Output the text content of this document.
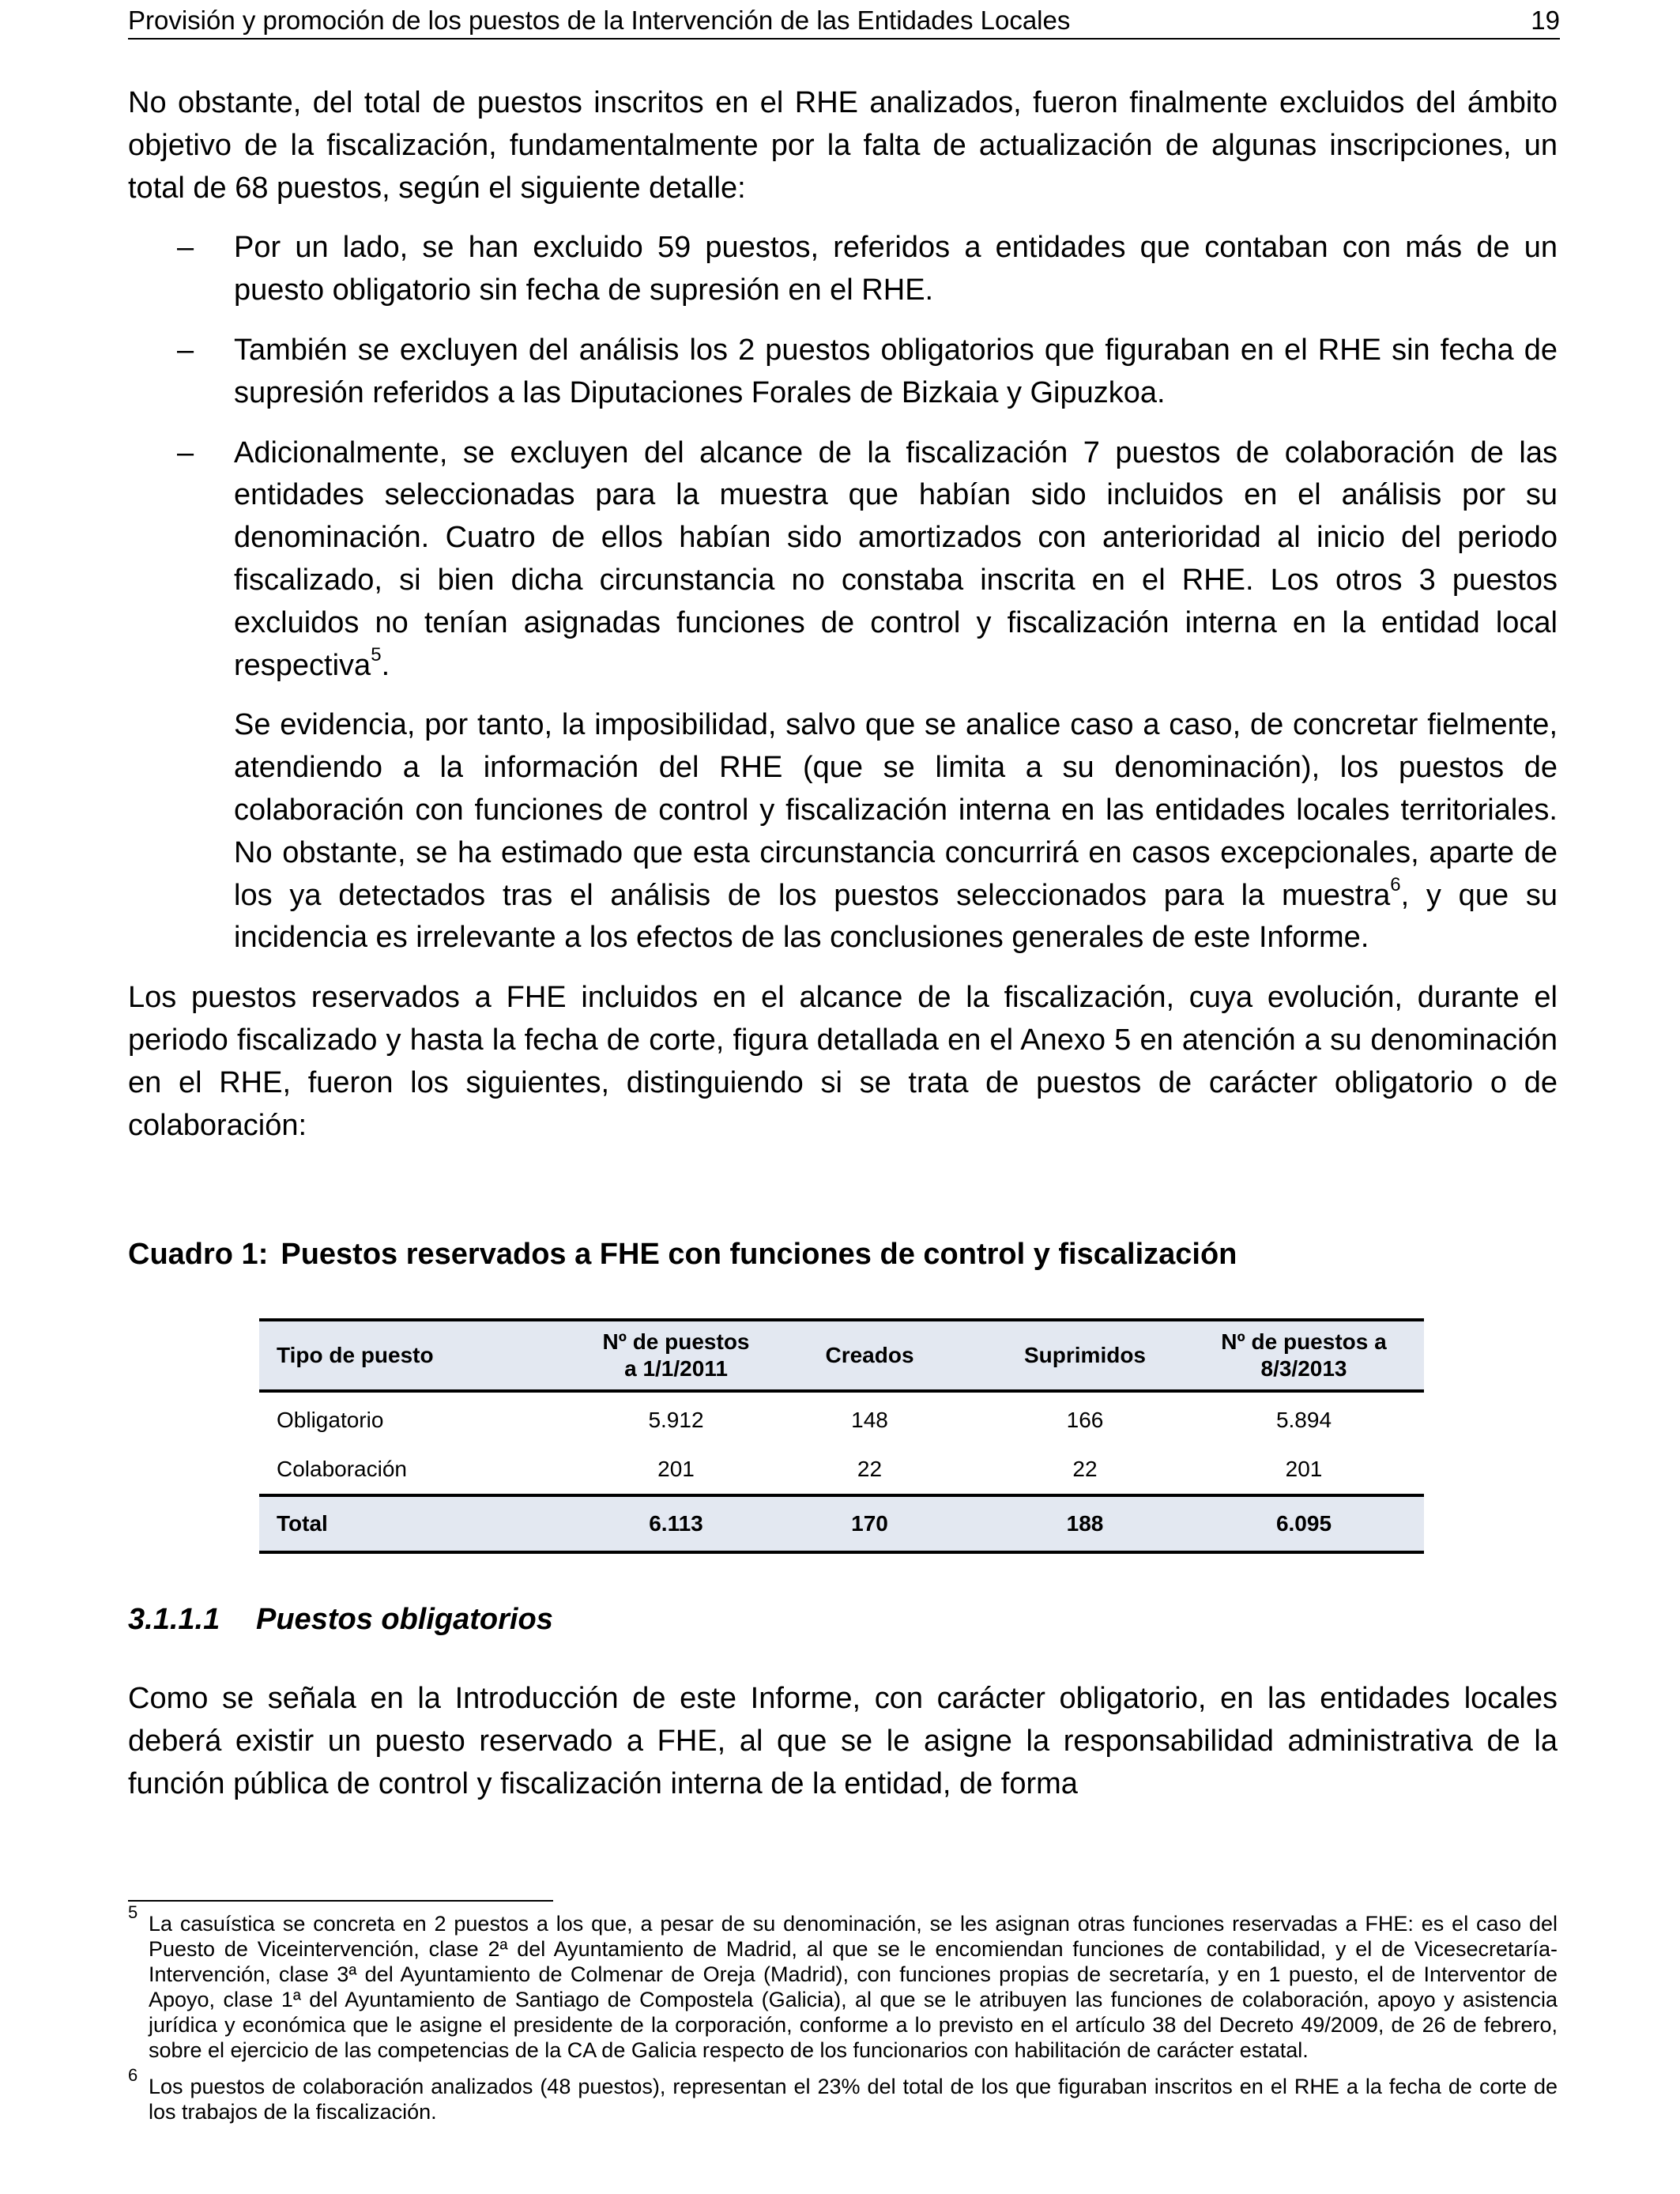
Provisión y promoción de los puestos de la Intervención de las Entidades Locales	19

No obstante, del total de puestos inscritos en el RHE analizados, fueron finalmente excluidos del ámbito objetivo de la fiscalización, fundamentalmente por la falta de actualización de algunas inscripciones, un total de 68 puestos, según el siguiente detalle:

– Por un lado, se han excluido 59 puestos, referidos a entidades que contaban con más de un puesto obligatorio sin fecha de supresión en el RHE.

– También se excluyen del análisis los 2 puestos obligatorios que figuraban en el RHE sin fecha de supresión referidos a las Diputaciones Forales de Bizkaia y Gipuzkoa.

– Adicionalmente, se excluyen del alcance de la fiscalización 7 puestos de colaboración de las entidades seleccionadas para la muestra que habían sido incluidos en el análisis por su denominación. Cuatro de ellos habían sido amortizados con anterioridad al inicio del periodo fiscalizado, si bien dicha circunstancia no constaba inscrita en el RHE. Los otros 3 puestos excluidos no tenían asignadas funciones de control y fiscalización interna en la entidad local respectiva$^5$.

Se evidencia, por tanto, la imposibilidad, salvo que se analice caso a caso, de concretar fielmente, atendiendo a la información del RHE (que se limita a su denominación), los puestos de colaboración con funciones de control y fiscalización interna en las entidades locales territoriales. No obstante, se ha estimado que esta circunstancia concurrirá en casos excepcionales, aparte de los ya detectados tras el análisis de los puestos seleccionados para la muestra$^6$, y que su incidencia es irrelevante a los efectos de las conclusiones generales de este Informe.

Los puestos reservados a FHE incluidos en el alcance de la fiscalización, cuya evolución, durante el periodo fiscalizado y hasta la fecha de corte, figura detallada en el Anexo 5 en atención a su denominación en el RHE, fueron los siguientes, distinguiendo si se trata de puestos de carácter obligatorio o de colaboración:

Cuadro 1: Puestos reservados a FHE con funciones de control y fiscalización
Tipo de puesto	Nº de puestos a 1/1/2011	Creados	Suprimidos	Nº de puestos a 8/3/2013

Obligatorio	5.912	148	166	5.894
Colaboración	201	22	22	201
Total	6.113	170	188	6.095
3.1.1.1 Puestos obligatorios

Como se señala en la Introducción de este Informe, con carácter obligatorio, en las entidades locales deberá existir un puesto reservado a FHE, al que se le asigne la responsabilidad administrativa de la función pública de control y fiscalización interna de la entidad, de forma

5 La casuística se concreta en 2 puestos a los que, a pesar de su denominación, se les asignan otras funciones reservadas a FHE: es el caso del Puesto de Viceintervención, clase 2ª del Ayuntamiento de Madrid, al que se le encomiendan funciones de contabilidad, y el de Vicesecretaría-Intervención, clase 3ª del Ayuntamiento de Colmenar de Oreja (Madrid), con funciones propias de secretaría, y en 1 puesto, el de Interventor de Apoyo, clase 1ª del Ayuntamiento de Santiago de Compostela (Galicia), al que se le atribuyen las funciones de colaboración, apoyo y asistencia jurídica y económica que le asigne el presidente de la corporación, conforme a lo previsto en el artículo 38 del Decreto 49/2009, de 26 de febrero, sobre el ejercicio de las competencias de la CA de Galicia respecto de los funcionarios con habilitación de carácter estatal.

6 Los puestos de colaboración analizados (48 puestos), representan el 23% del total de los que figuraban inscritos en el RHE a la fecha de corte de los trabajos de la fiscalización.
